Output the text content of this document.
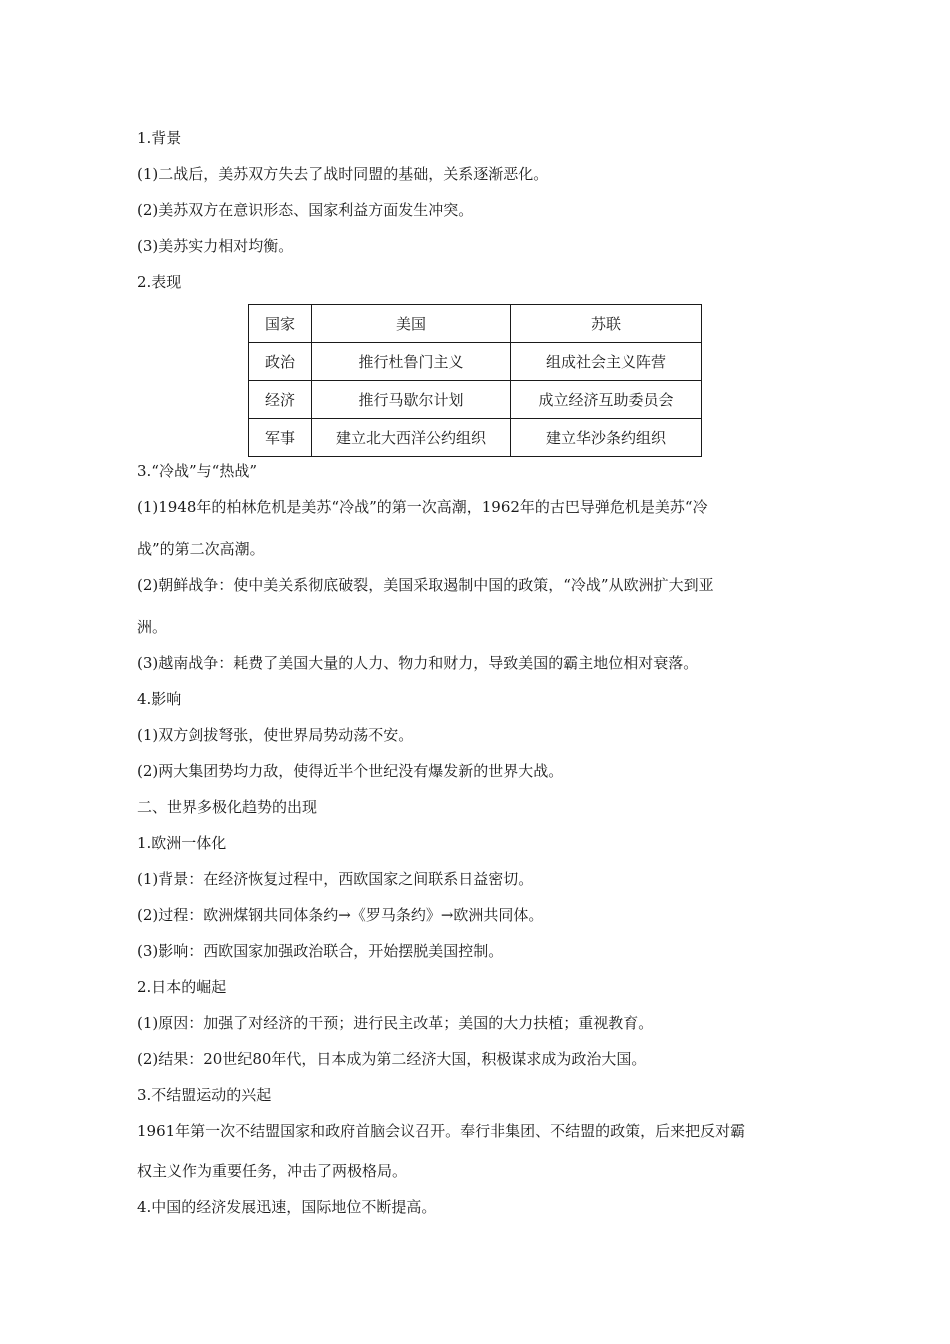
1.背景
(1)二战后，美苏双方失去了战时同盟的基础，关系逐渐恶化。
(2)美苏双方在意识形态、国家利益方面发生冲突。
(3)美苏实力相对均衡。
2.表现
国家	美国	苏联
政治	推行杜鲁门主义	组成社会主义阵营
经济	推行马歇尔计划	成立经济互助委员会
军事	建立北大西洋公约组织	建立华沙条约组织
3.“冷战”与“热战”
(1)1948年的柏林危机是美苏“冷战”的第一次高潮，1962年的古巴导弹危机是美苏“冷
战”的第二次高潮。
(2)朝鲜战争：使中美关系彻底破裂，美国采取遏制中国的政策，“冷战”从欧洲扩大到亚
洲。
(3)越南战争：耗费了美国大量的人力、物力和财力，导致美国的霸主地位相对衰落。
4.影响
(1)双方剑拔弩张，使世界局势动荡不安。
(2)两大集团势均力敌，使得近半个世纪没有爆发新的世界大战。
二、世界多极化趋势的出现
1.欧洲一体化
(1)背景：在经济恢复过程中，西欧国家之间联系日益密切。
(2)过程：欧洲煤钢共同体条约→《罗马条约》→欧洲共同体。
(3)影响：西欧国家加强政治联合，开始摆脱美国控制。
2.日本的崛起
(1)原因：加强了对经济的干预；进行民主改革；美国的大力扶植；重视教育。
(2)结果：20世纪80年代，日本成为第二经济大国，积极谋求成为政治大国。
3.不结盟运动的兴起
1961年第一次不结盟国家和政府首脑会议召开。奉行非集团、不结盟的政策，后来把反对霸
权主义作为重要任务，冲击了两极格局。
4.中国的经济发展迅速，国际地位不断提高。
